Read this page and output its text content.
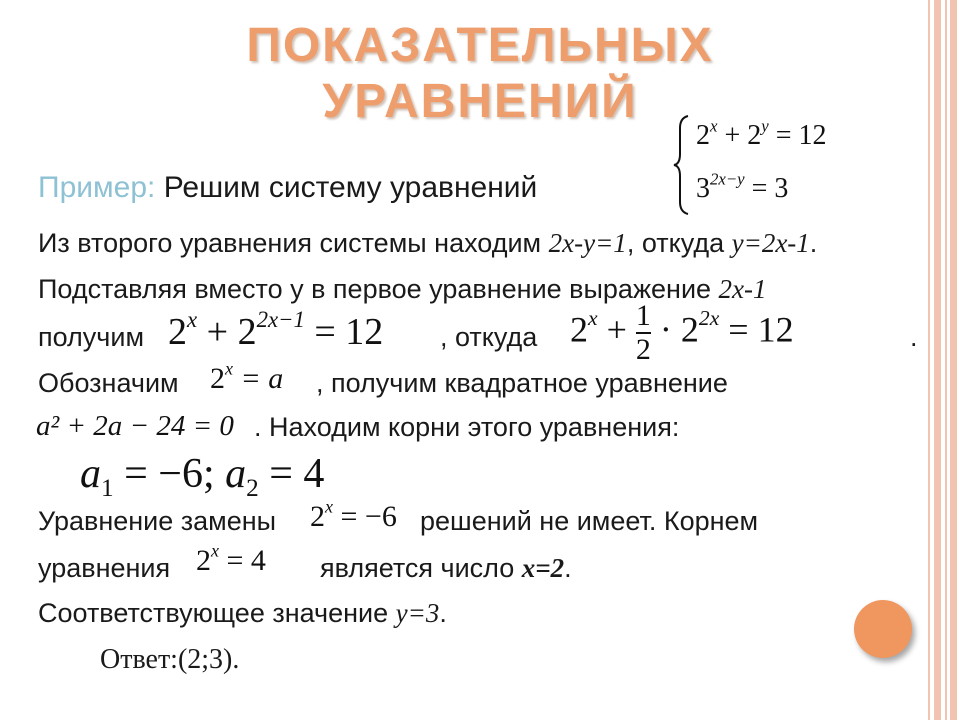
ПОКАЗАТЕЛЬНЫХ
УРАВНЕНИЙ
Пример: Решим систему уравнений
$2^x + 2^y = 12$
$3^{2x-y} = 3$
Из второго уравнения системы находим 2x-y=1, откуда y=2x-1.
Подставляя вместо у в первое уравнение выражение 2x-1
получим $2^x + 2^{2x-1} = 12$ , откуда $2^x + \frac{1}{2} \cdot 2^{2x} = 12$	.
Обозначим $2^x = a$ , получим квадратное уравнение
a² + 2a − 24 = 0 . Находим корни этого уравнения:
$a_1 = -6$; $a_2 = 4$
Уравнение замены $2^x = -6$ решений не имеет. Корнем
уравнения $2^x = 4$ является число x=2.
Соответствующее значение y=3.
Ответ:(2;3).
